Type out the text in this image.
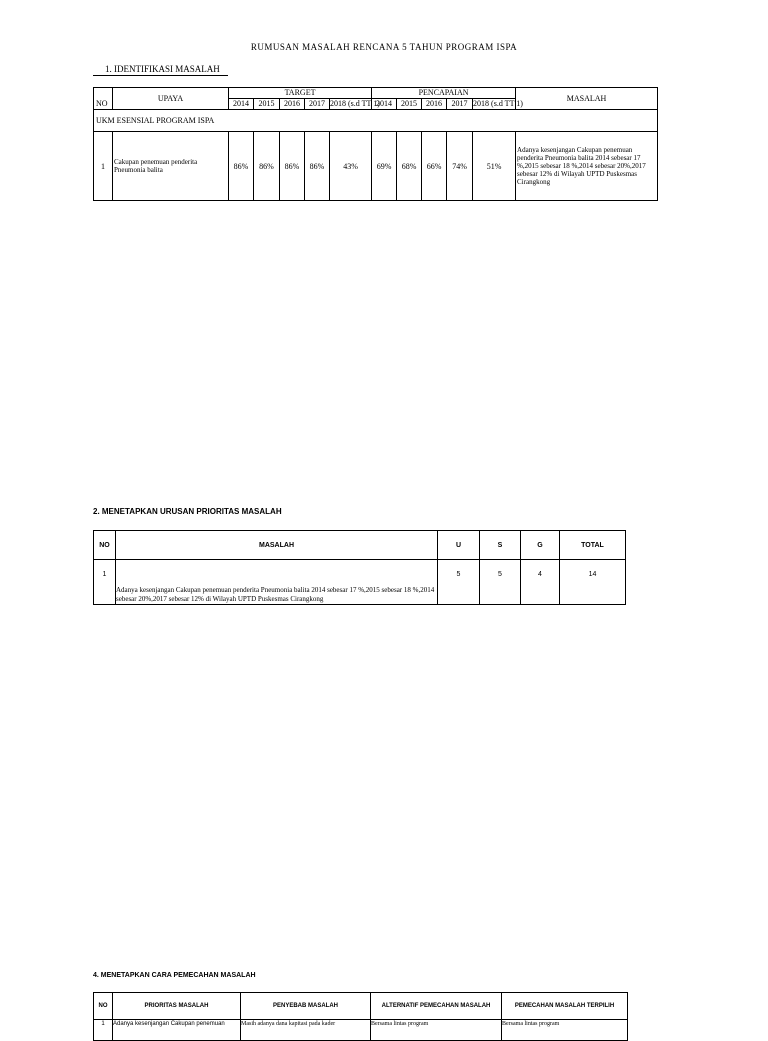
RUMUSAN MASALAH RENCANA 5 TAHUN PROGRAM ISPA
1. IDENTIFIKASI MASALAH
NO	UPAYA	TARGET					PENCAPAIAN					MASALAH
		2014	2015	2016	2017	2018 (s.d TT 1)	2014	2015	2016	2017	2018 (s.d TT 1)	
UKM ESENSIAL PROGRAM ISPA												
1	Cakupan penemuan penderita Pneumonia balita	86%	86%	86%	86%	43%	69%	68%	66%	74%	51%	Adanya kesenjangan Cakupan penemuan penderita Pneumonia balita 2014 sebesar 17 %,2015 sebesar 18 %,2014 sebesar 20%,2017 sebesar 12% di Wilayah UPTD Puskesmas Cirangkong
2. MENETAPKAN URUSAN PRIORITAS MASALAH
NO	MASALAH	U	S	G	TOTAL
1	Adanya kesenjangan Cakupan penemuan penderita Pneumonia balita 2014 sebesar 17 %,2015 sebesar 18 %,2014 sebesar 20%,2017 sebesar 12% di Wilayah UPTD Puskesmas Cirangkong	5	5	4	14
4. MENETAPKAN CARA PEMECAHAN MASALAH
NO	PRIORITAS MASALAH	PENYEBAB MASALAH	ALTERNATIF PEMECAHAN MASALAH	PEMECAHAN MASALAH TERPILIH
1	Adanya kesenjangan Cakupan penemuan	Masih adanya dana kapitasi pada kader	Bersama lintas program	Bersama lintas program
